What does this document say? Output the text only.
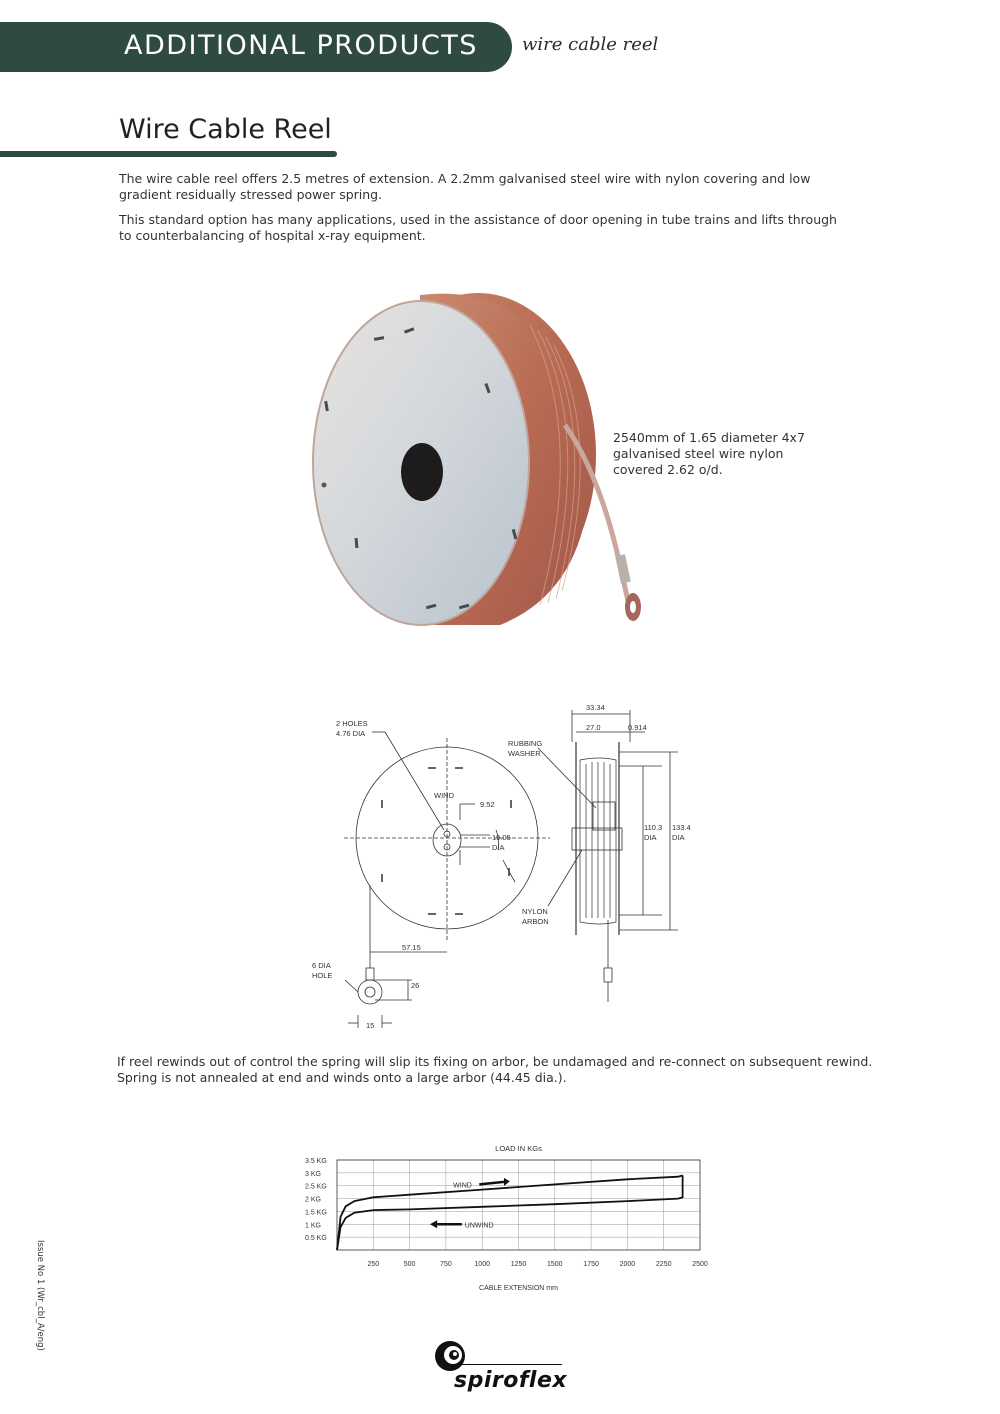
ADDITIONAL PRODUCTS wire cable reel
Wire Cable Reel
The wire cable reel offers 2.5 metres of extension. A 2.2mm galvanised steel wire with nylon covering and low gradient residually stressed power spring.
This standard option has many applications, used in the assistance of door opening in tube trains and lifts through to counterbalancing of hospital x-ray equipment.
2540mm of 1.65 diameter 4x7 galvanised steel wire nylon covered 2.62 o/d.
2 HOLES
4.76 DIA
WIND
9.52
19.05
DIA
57.15
6 DIA
HOLE
26
15
33.34
27.0	0.914
RUBBING
WASHER
110.3
DIA
133.4
DIA
NYLON
ARBON
If reel rewinds out of control the spring will slip its fixing on arbor, be undamaged and re-connect on subsequent rewind. Spring is not annealed at end and winds onto a large arbor (44.45 dia.).
LOAD IN KGs
3.5 KG
3 KG
2.5 KG
2 KG
1.5 KG
1 KG
0.5 KG
250	500	750	1000	1250	1500	1750	2000	2250	2500
CABLE EXTENSION mm
WIND
UNWIND
Issue No 1 (Wr_cbl_A/eng)
spiroflex
